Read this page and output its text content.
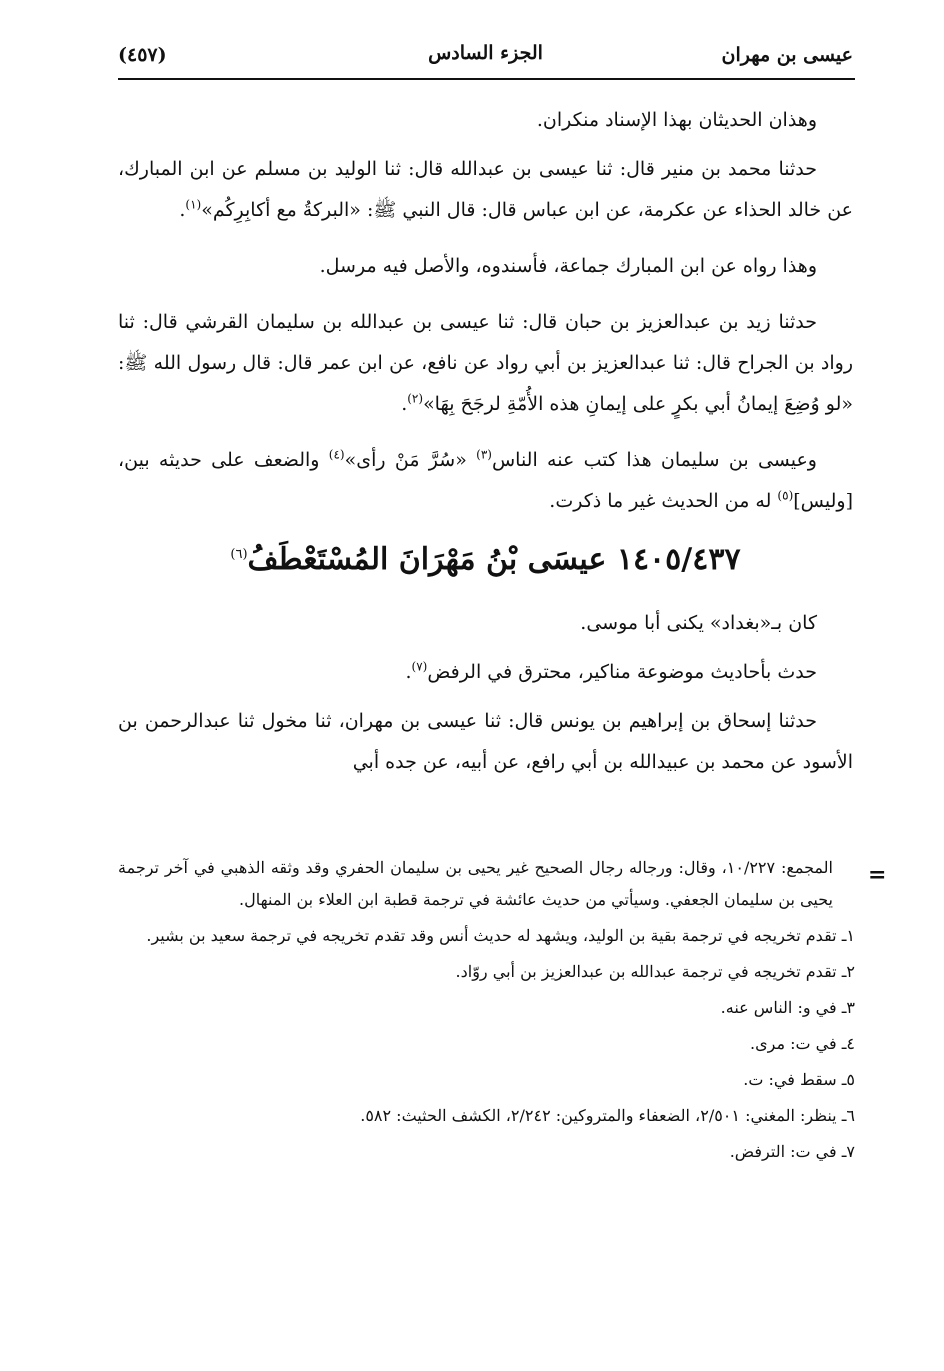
عيسى بن مهران
الجزء السادس
(٤٥٧)

وهذان الحديثان بهذا الإسناد منكران.

حدثنا محمد بن منير قال: ثنا عيسى بن عبدالله قال: ثنا الوليد بن مسلم عن ابن المبارك، عن خالد الحذاء عن عكرمة، عن ابن عباس قال: قال النبي ﷺ: «البركةُ مع أكابِرِكُم»$^{(١)}$.

وهذا رواه عن ابن المبارك جماعة، فأسندوه، والأصل فيه مرسل.

حدثنا زيد بن عبدالعزيز بن حبان قال: ثنا عيسى بن عبدالله بن سليمان القرشي قال: ثنا رواد بن الجراح قال: ثنا عبدالعزيز بن أبي رواد عن نافع، عن ابن عمر قال: قال رسول الله ﷺ: «لو وُضِعَ إيمانُ أبي بكرٍ على إيمانِ هذه الأُمّةِ لرجَحَ بِهَا»$^{(٢)}$.

وعيسى بن سليمان هذا كتب عنه الناس$^{(٣)}$ «سُرَّ مَنْ رأى»$^{(٤)}$ والضعف على حديثه بين، [وليس]$^{(٥)}$ له من الحديث غير ما ذكرت.

١٤٠٥/٤٣٧ عيسَى بْنُ مَهْرَانَ المُسْتَعْطَفُ$^{(٦)}$

كان بـ«بغداد» يكنى أبا موسى.

حدث بأحاديث موضوعة مناكير، محترق في الرفض$^{(٧)}$.

حدثنا إسحاق بن إبراهيم بن يونس قال: ثنا عيسى بن مهران، ثنا مخول ثنا عبدالرحمن بن الأسود عن محمد بن عبيدالله بن أبي رافع، عن أبيه، عن جده أبي

=

المجمع: ١٠/٢٢٧، وقال: ورجاله رجال الصحيح غير يحيى بن سليمان الحفري وقد وثقه الذهبي في آخر ترجمة يحيى بن سليمان الجعفي. وسيأتي من حديث عائشة في ترجمة قطبة ابن العلاء بن المنهال.

١ـ تقدم تخريجه في ترجمة بقية بن الوليد، ويشهد له حديث أنس وقد تقدم تخريجه في ترجمة سعيد بن بشير.

٢ـ تقدم تخريجه في ترجمة عبدالله بن عبدالعزيز بن أبي روّاد.

٣ـ في و: الناس عنه.

٤ـ في ت: مرى.

٥ـ سقط في: ت.

٦ـ ينظر: المغني: ٢/٥٠١، الضعفاء والمتروكين: ٢/٢٤٢، الكشف الحثيث: ٥٨٢.

٧ـ في ت: الترفض.
